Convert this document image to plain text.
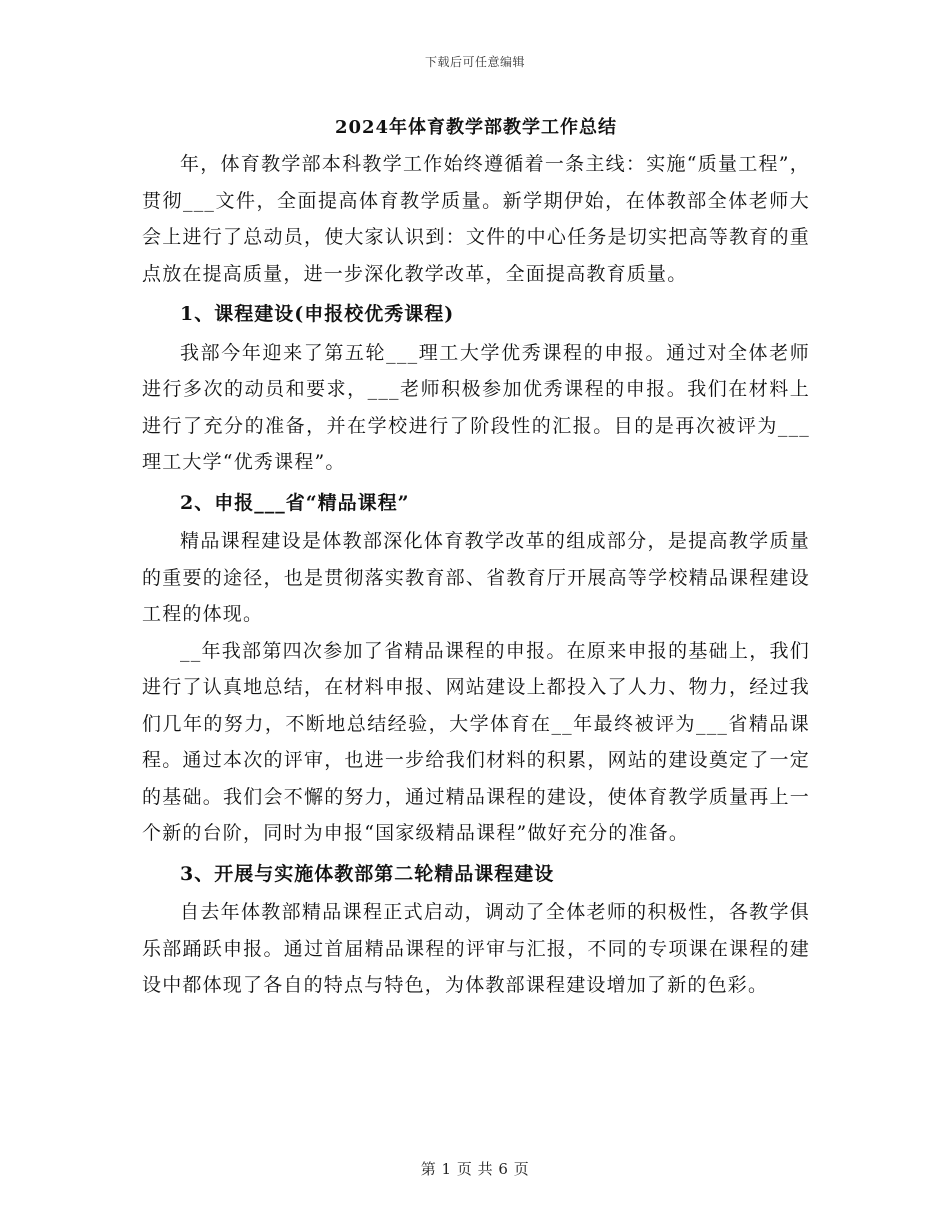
下载后可任意编辑
2024年体育教学部教学工作总结

年，体育教学部本科教学工作始终遵循着一条主线：实施“质量工程”，贯彻___文件，全面提高体育教学质量。新学期伊始，在体教部全体老师大会上进行了总动员，使大家认识到：文件的中心任务是切实把高等教育的重点放在提高质量，进一步深化教学改革，全面提高教育质量。

1、课程建设(申报校优秀课程)

我部今年迎来了第五轮___理工大学优秀课程的申报。通过对全体老师进行多次的动员和要求，___老师积极参加优秀课程的申报。我们在材料上进行了充分的准备，并在学校进行了阶段性的汇报。目的是再次被评为___理工大学“优秀课程”。

2、申报___省“精品课程”

精品课程建设是体教部深化体育教学改革的组成部分，是提高教学质量的重要的途径，也是贯彻落实教育部、省教育厅开展高等学校精品课程建设工程的体现。

__年我部第四次参加了省精品课程的申报。在原来申报的基础上，我们进行了认真地总结，在材料申报、网站建设上都投入了人力、物力，经过我们几年的努力，不断地总结经验，大学体育在__年最终被评为___省精品课程。通过本次的评审，也进一步给我们材料的积累，网站的建设奠定了一定的基础。我们会不懈的努力，通过精品课程的建设，使体育教学质量再上一个新的台阶，同时为申报“国家级精品课程”做好充分的准备。

3、开展与实施体教部第二轮精品课程建设

自去年体教部精品课程正式启动，调动了全体老师的积极性，各教学俱乐部踊跃申报。通过首届精品课程的评审与汇报，不同的专项课在课程的建设中都体现了各自的特点与特色，为体教部课程建设增加了新的色彩。

第 1 页 共 6 页
